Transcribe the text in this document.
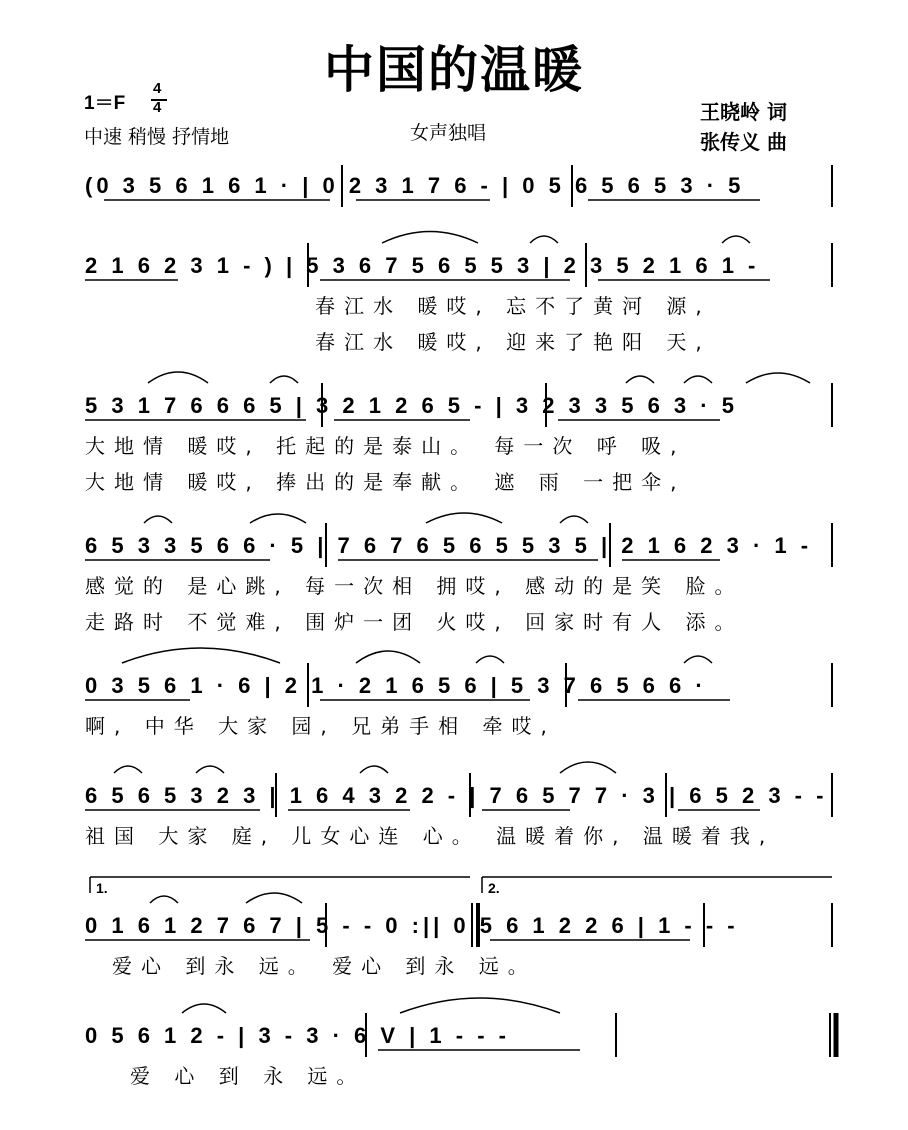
中国的温暖
1＝F
4
4
中速 稍慢 抒情地	女声独唱
王晓岭 词
张传义 曲
(0 3 5 6 1 6 1 · | 0 2 3 1 7 6 - | 0 5 6 5 6 5 3 · 5
2 1 6 2 3 1 - ) | 5 3 6 7 5 6 5 5 3 | 2 3 5 2 1 6 1 -
春江水 暖哎, 忘不了黄河 源,
春江水 暖哎, 迎来了艳阳 天,
5 3 1 7 6 6 6 5 | 3 2 1 2 6 5 - | 3 2 3 3 5 6 3 · 5
大地情 暖哎, 托起的是泰山。 每一次 呼 吸,
大地情 暖哎, 捧出的是奉献。 遮 雨 一把伞,
6 5 3 3 5 6 6 · 5 | 7 6 7 6 5 6 5 5 3 5 | 2 1 6 2 3 · 1 -
感觉的 是心跳, 每一次相 拥哎, 感动的是笑 脸。
走路时 不觉难, 围炉一团 火哎, 回家时有人 添。
0 3 5 6 1 · 6 | 2 1 · 2 1 6 5 6 | 5 3 7 6 5 6 6 ·
啊, 中华 大家 园, 兄弟手相 牵哎,
6 5 6 5 3 2 3 | 1 6 4 3 2 2 - | 7 6 5 7 7 · 3 | 6 5 2 3 - -
祖国 大家 庭, 儿女心连 心。 温暖着你, 温暖着我,
1.	2.
0 1 6 1 2 7 6 7 | 5 - - 0 :|| 0 5 6 1 2 2 6 | 1 - - -
爱心 到永 远。 爱心 到永 远。
0 5 6 1 2 - | 3 - 3 · 6 V | 1 - - -
爱 心 到 永 远。
